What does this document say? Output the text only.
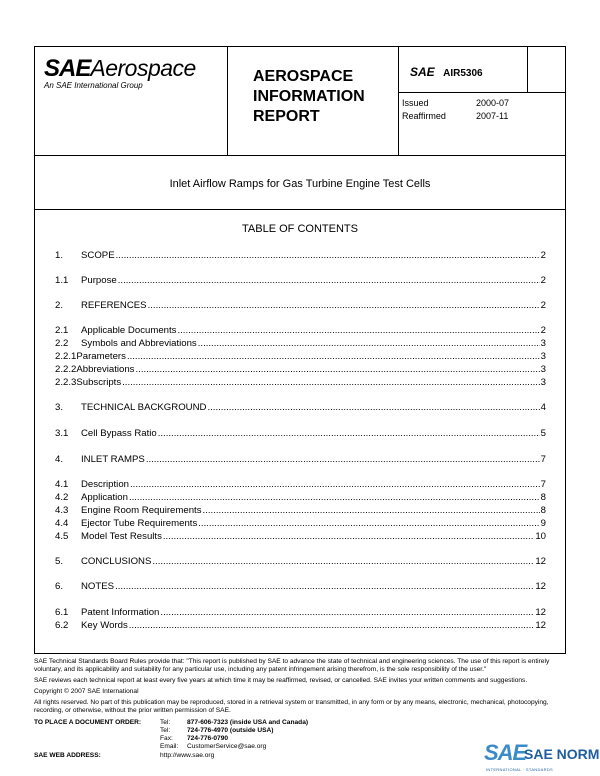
SAEAerospace
An SAE International Group
AEROSPACE
INFORMATION
REPORT
SAE AIR5306
Issued	2000-07
Reaffirmed	2007-11
Inlet Airflow Ramps for Gas Turbine Engine Test Cells
TABLE OF CONTENTS
1.	SCOPE .....	2
1.1	Purpose .....	2
2.	REFERENCES .....	2
2.1	Applicable Documents .....	2
2.2	Symbols and Abbreviations .....	3
2.2.1 Parameters .....	3
2.2.2 Abbreviations .....	3
2.2.3 Subscripts .....	3
3.	TECHNICAL BACKGROUND .....	4
3.1	Cell Bypass Ratio .....	5
4.	INLET RAMPS .....	7
4.1	Description .....	7
4.2	Application .....	8
4.3	Engine Room Requirements .....	8
4.4	Ejector Tube Requirements .....	9
4.5	Model Test Results .....	10
5.	CONCLUSIONS .....	12
6.	NOTES .....	12
6.1	Patent Information .....	12
6.2	Key Words .....	12
SAE Technical Standards Board Rules provide that: "This report is published by SAE to advance the state of technical and engineering sciences. The use of this report is entirely voluntary, and its applicability and suitability for any particular use, including any patent infringement arising therefrom, is the sole responsibility of the user."
SAE reviews each technical report at least every five years at which time it may be reaffirmed, revised, or cancelled. SAE invites your written comments and suggestions.
Copyright © 2007 SAE International
All rights reserved. No part of this publication may be reproduced, stored in a retrieval system or transmitted, in any form or by any means, electronic, mechanical, photocopying, recording, or otherwise, without the prior written permission of SAE.
TO PLACE A DOCUMENT ORDER:	Tel:	877-606-7323 (inside USA and Canada)
Tel:	724-776-4970 (outside USA)
Fax: 724-776-0790
Email: CustomerService@sae.org
SAE WEB ADDRESS:	http://www.sae.org	SAE
SAE NORM
INTERNATIONAL · STANDARDS
